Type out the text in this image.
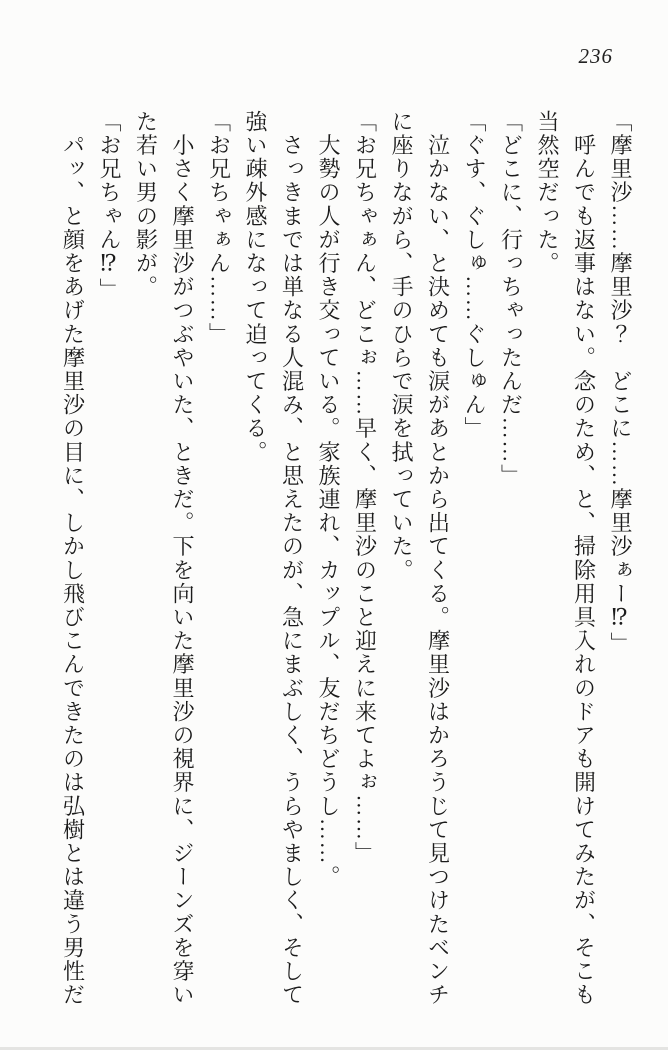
236

「摩里沙……摩里沙？　どこに……摩里沙ぁー⁉」

　呼んでも返事はない。念のため、と、掃除用具入れのドアも開けてみたが、そこも

当然空だった。

「どこに、行っちゃったんだ……」

「ぐす、ぐしゅ……ぐしゅん」

　泣かない、と決めても涙があとから出てくる。摩里沙はかろうじて見つけたベンチ

に座りながら、手のひらで涙を拭っていた。

「お兄ちゃぁん、どこぉ……早く、摩里沙のこと迎えに来てよぉ……」

　大勢の人が行き交っている。家族連れ、カップル、友だちどうし……。

　さっきまでは単なる人混み、と思えたのが、急にまぶしく、うらやましく、そして

強い疎外感になって迫ってくる。

「お兄ちゃぁん……」

　小さく摩里沙がつぶやいた、ときだ。下を向いた摩里沙の視界に、ジーンズを穿い

た若い男の影が。

「お兄ちゃん⁉」

　パッ、と顔をあげた摩里沙の目に、しかし飛びこんできたのは弘樹とは違う男性だ
